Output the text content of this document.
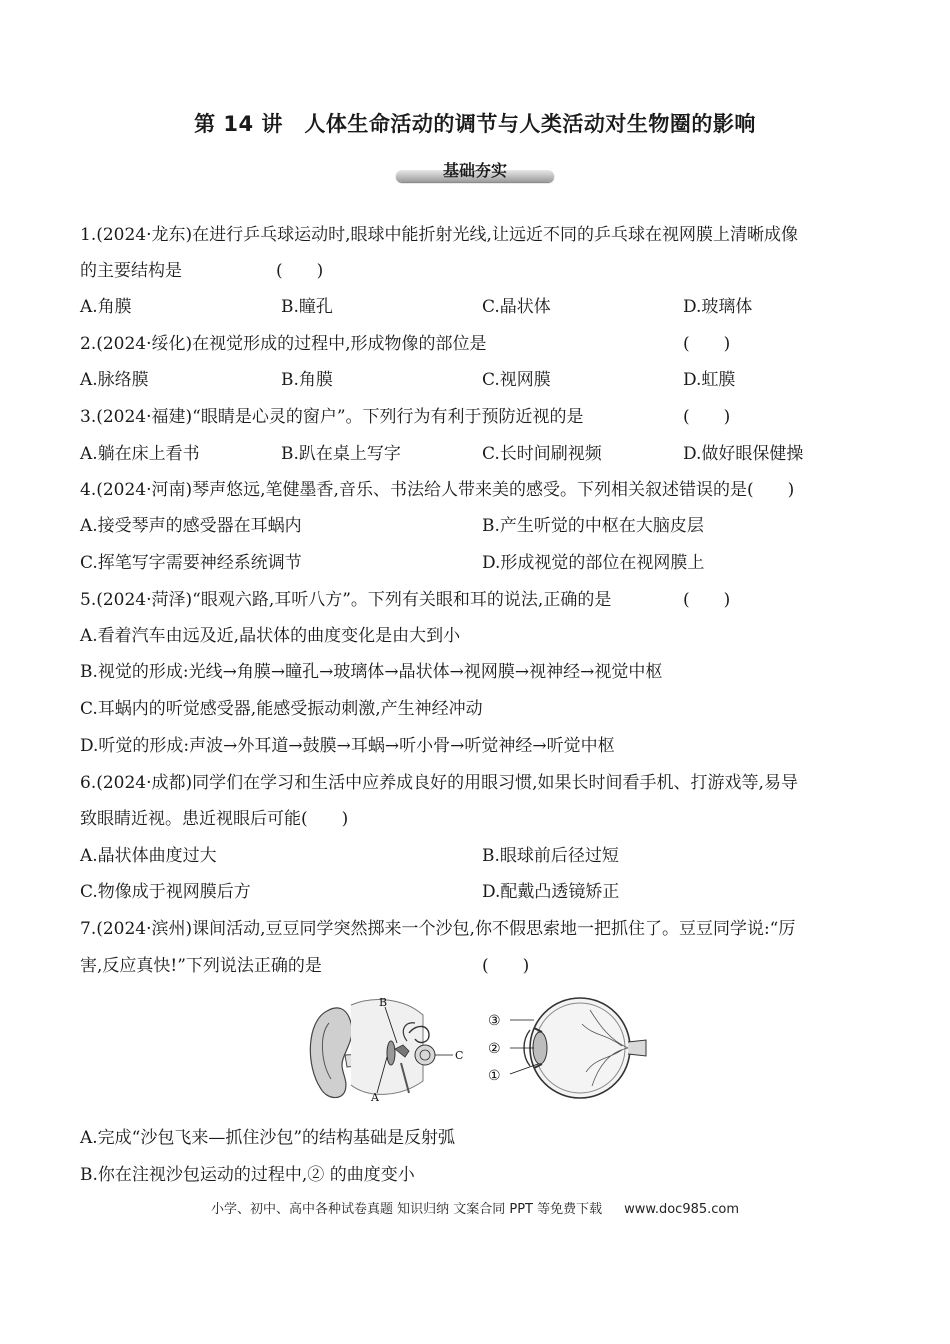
第 14 讲　人体生命活动的调节与人类活动对生物圈的影响
基础夯实
1.(2024·龙东)在进行乒乓球运动时,眼球中能折射光线,让远近不同的乒乓球在视网膜上清晰成像
的主要结构是	(　　)
A.角膜	B.瞳孔	C.晶状体	D.玻璃体
2.(2024·绥化)在视觉形成的过程中,形成物像的部位是	(　　)
A.脉络膜	B.角膜	C.视网膜	D.虹膜
3.(2024·福建)“眼睛是心灵的窗户”。下列行为有利于预防近视的是	(　　)
A.躺在床上看书	B.趴在桌上写字	C.长时间刷视频	D.做好眼保健操
4.(2024·河南)琴声悠远,笔健墨香,音乐、书法给人带来美的感受。下列相关叙述错误的是(　　)
A.接受琴声的感受器在耳蜗内	B.产生听觉的中枢在大脑皮层
C.挥笔写字需要神经系统调节	D.形成视觉的部位在视网膜上
5.(2024·菏泽)“眼观六路,耳听八方”。下列有关眼和耳的说法,正确的是	(　　)
A.看着汽车由远及近,晶状体的曲度变化是由大到小
B.视觉的形成:光线→角膜→瞳孔→玻璃体→晶状体→视网膜→视神经→视觉中枢
C.耳蜗内的听觉感受器,能感受振动刺激,产生神经冲动
D.听觉的形成:声波→外耳道→鼓膜→耳蜗→听小骨→听觉神经→听觉中枢
6.(2024·成都)同学们在学习和生活中应养成良好的用眼习惯,如果长时间看手机、打游戏等,易导
致眼睛近视。患近视眼后可能(　　)
A.晶状体曲度过大	B.眼球前后径过短
C.物像成于视网膜后方	D.配戴凸透镜矫正
7.(2024·滨州)课间活动,豆豆同学突然掷来一个沙包,你不假思索地一把抓住了。豆豆同学说:“厉
害,反应真快!”下列说法正确的是	(　　)
A
B
C
③
②
①
A.完成“沙包飞来—抓住沙包”的结构基础是反射弧
B.你在注视沙包运动的过程中,② 的曲度变小
小学、初中、高中各种试卷真题 知识归纳 文案合同 PPT 等免费下载 www.doc985.com
